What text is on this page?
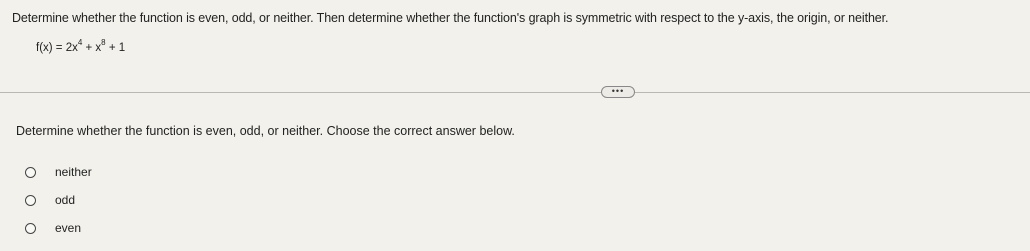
Determine whether the function is even, odd, or neither. Then determine whether the function's graph is symmetric with respect to the y-axis, the origin, or neither.
$f(x) = 2x^4 + x^8 + 1$
•••
Determine whether the function is even, odd, or neither. Choose the correct answer below.
neither
odd
even
